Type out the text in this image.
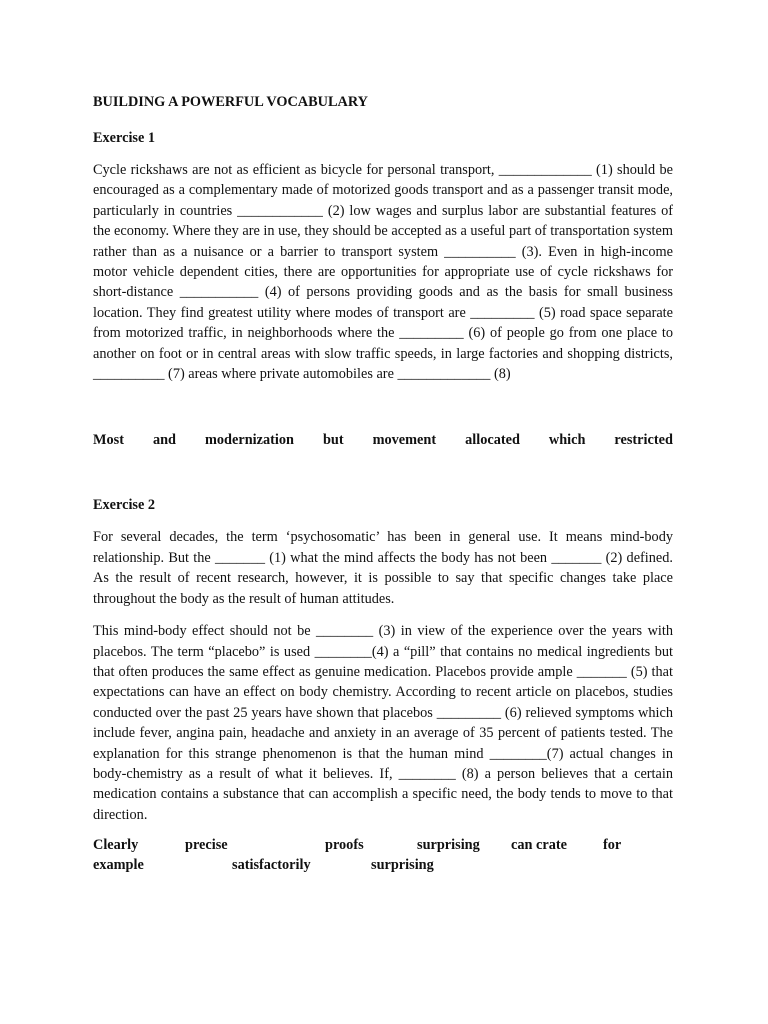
BUILDING A POWERFUL VOCABULARY
Exercise 1

Cycle rickshaws are not as efficient as bicycle for personal transport, _____________ (1) should be encouraged as a complementary made of motorized goods transport and as a passenger transit mode, particularly in countries ____________ (2) low wages and surplus labor are substantial features of the economy. Where they are in use, they should be accepted as a useful part of transportation system rather than as a nuisance or a barrier to transport system __________ (3). Even in high-income motor vehicle dependent cities, there are opportunities for appropriate use of cycle rickshaws for short-distance ___________ (4) of persons providing goods and as the basis for small business location. They find greatest utility where modes of transport are _________ (5) road space separate from motorized traffic, in neighborhoods where the _________ (6) of people go from one place to another on foot or in central areas with slow traffic speeds, in large factories and shopping districts, __________ (7) areas where private automobiles are _____________ (8)

Most and modernization but movement allocated which restricted
Exercise 2

For several decades, the term ‘psychosomatic’ has been in general use. It means mind-body relationship. But the _______ (1) what the mind affects the body has not been _______ (2) defined. As the result of recent research, however, it is possible to say that specific changes take place throughout the body as the result of human attitudes.

This mind-body effect should not be ________ (3) in view of the experience over the years with placebos. The term “placebo” is used ________(4) a “pill” that contains no medical ingredients but that often produces the same effect as genuine medication. Placebos provide ample _______ (5) that expectations can have an effect on body chemistry. According to recent article on placebos, studies conducted over the past 25 years have shown that placebos _________ (6) relieved symptoms which include fever, angina pain, headache and anxiety in an average of 35 percent of patients tested. The explanation for this strange phenomenon is that the human mind ________(7) actual changes in body-chemistry as a result of what it believes. If, ________ (8) a person believes that a certain medication contains a substance that can accomplish a specific need, the body tends to move to that direction.

Clearly	precise	proofs	surprising	can crate	for
example	satisfactorily	surprising
